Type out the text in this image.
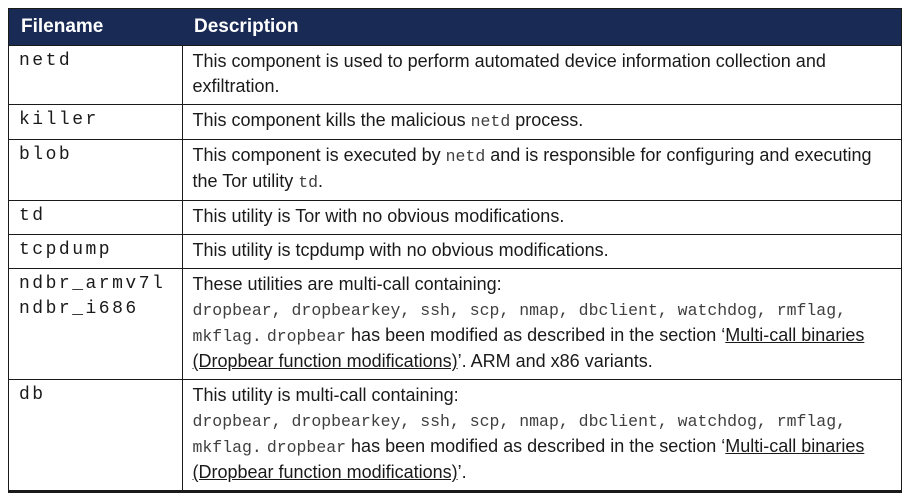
Filename	Description

netd	This component is used to perform automated device information collection and exfiltration.

killer	This component kills the malicious netd process.

blob	This component is executed by netd and is responsible for configuring and executing the Tor utility td.

td	This utility is Tor with no obvious modifications.

tcpdump	This utility is tcpdump with no obvious modifications.

ndbr_armv7l
ndbr_i686
	These utilities are multi-call containing:
dropbear, dropbearkey, ssh, scp, nmap, dbclient, watchdog, rmflag, mkflag. dropbear has been modified as described in the section ‘Multi-call binaries (Dropbear function modifications)’. ARM and x86 variants.

db	This utility is multi-call containing:
dropbear, dropbearkey, ssh, scp, nmap, dbclient, watchdog, rmflag, mkflag. dropbear has been modified as described in the section ‘Multi-call binaries (Dropbear function modifications)’.
